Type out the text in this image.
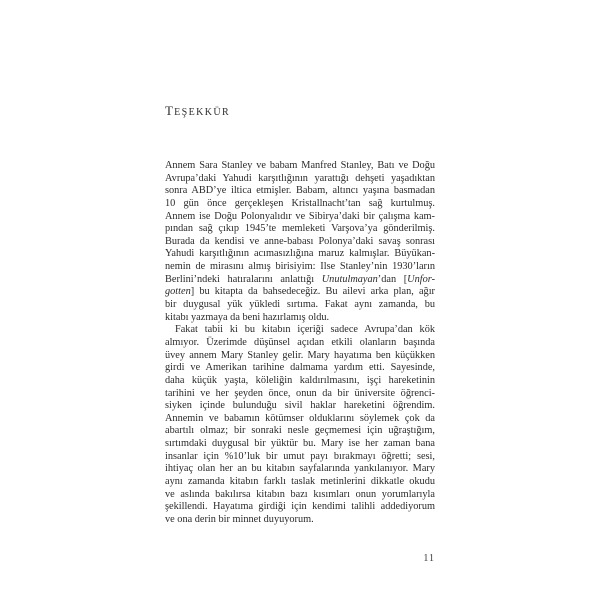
TEŞEKKÜR
Annem Sara Stanley ve babam Manfred Stanley, Batı ve Doğu
Avrupa’daki Yahudi karşıtlığının yarattığı dehşeti yaşadıktan
sonra ABD’ye iltica etmişler. Babam, altıncı yaşına basmadan
10 gün önce gerçekleşen Kristallnacht’tan sağ kurtulmuş.
Annem ise Doğu Polonyalıdır ve Sibirya’daki bir çalışma kam-
pından sağ çıkıp 1945’te memleketi Varşova’ya gönderilmiş.
Burada da kendisi ve anne-babası Polonya’daki savaş sonrası
Yahudi karşıtlığının acımasızlığına maruz kalmışlar. Büyükan-
nemin de mirasını almış birisiyim: Ilse Stanley’nin 1930’ların
Berlini’ndeki hatıralarını anlattığı Unutulmayan’dan [Unfor-
gotten] bu kitapta da bahsedeceğiz. Bu ailevi arka plan, ağır
bir duygusal yük yükledi sırtıma. Fakat aynı zamanda, bu
kitabı yazmaya da beni hazırlamış oldu.
Fakat tabii ki bu kitabın içeriği sadece Avrupa’dan kök
almıyor. Üzerimde düşünsel açıdan etkili olanların başında
üvey annem Mary Stanley gelir. Mary hayatıma ben küçükken
girdi ve Amerikan tarihine dalmama yardım etti. Sayesinde,
daha küçük yaşta, köleliğin kaldırılmasını, işçi hareketinin
tarihini ve her şeyden önce, onun da bir üniversite öğrenci-
siyken içinde bulunduğu sivil haklar hareketini öğrendim.
Annemin ve babamın kötümser olduklarını söylemek çok da
abartılı olmaz; bir sonraki nesle geçmemesi için uğraştığım,
sırtımdaki duygusal bir yüktür bu. Mary ise her zaman bana
insanlar için %10’luk bir umut payı bırakmayı öğretti; sesi,
ihtiyaç olan her an bu kitabın sayfalarında yankılanıyor. Mary
aynı zamanda kitabın farklı taslak metinlerini dikkatle okudu
ve aslında bakılırsa kitabın bazı kısımları onun yorumlarıyla
şekillendi. Hayatıma girdiği için kendimi talihli addediyorum
ve ona derin bir minnet duyuyorum.
11
